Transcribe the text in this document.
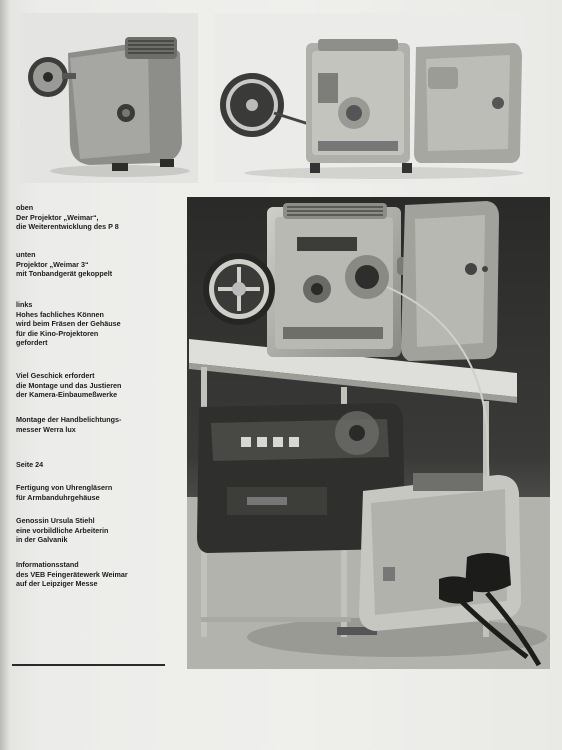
oben
Der Projektor „Weimar“,
die Weiterentwicklung des P 8
unten
Projektor „Weimar 3“
mit Tonbandgerät gekoppelt
links
Hohes fachliches Können
wird beim Fräsen der Gehäuse
für die Kino-Projektoren
gefordert
Viel Geschick erfordert
die Montage und das Justieren
der Kamera-Einbaumeßwerke
Montage der Handbelichtungs-
messer Werra lux
Seite 24
Fertigung von Uhrengläsern
für Armbanduhrgehäuse
Genossin Ursula Stiehl
eine vorbildliche Arbeiterin
in der Galvanik
Informationsstand
des VEB Feingerätewerk Weimar
auf der Leipziger Messe
